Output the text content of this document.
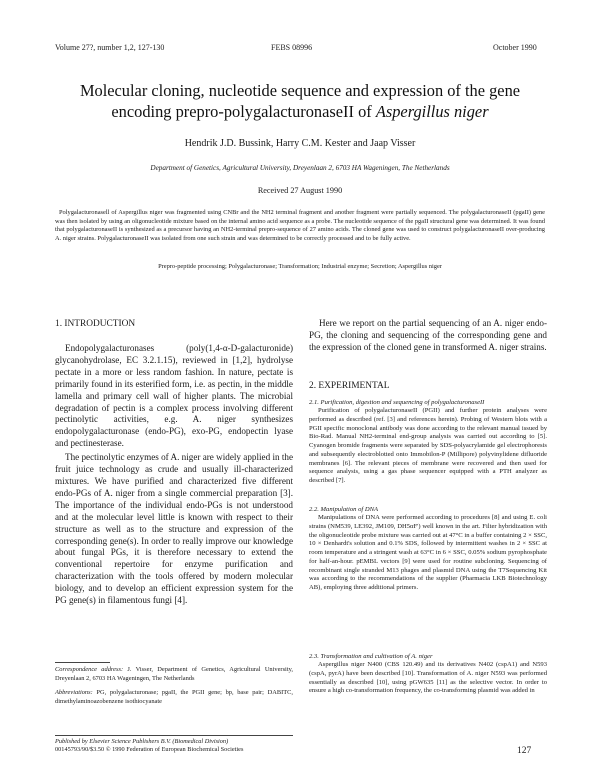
Volume 27?, number 1,2, 127-130	FEBS 08996	October 1990
Molecular cloning, nucleotide sequence and expression of the gene
encoding prepro-polygalacturonaseII of Aspergillus niger
Hendrik J.D. Bussink, Harry C.M. Kester and Jaap Visser
Department of Genetics, Agricultural University, Dreyenlaan 2, 6703 HA Wageningen, The Netherlands
Received 27 August 1990

Polygalacturonasell of Aspergillus niger was fragmented using CNBr and the NH2 terminal fragment and another fragment were partially sequenced. The polygalacturonaseII (pgaII) gene was then isolated by using an oligonucleotide mixture based on the internal amino acid sequence as a probe. The nucleotide sequence of the pgaII structural gene was determined. It was found that polygalacturonaseII is synthesized as a precursor having an NH2-terminal prepro-sequence of 27 amino acids. The cloned gene was used to construct polygalacturonaseII over-producing A. niger strains. PolygalacturonaseII was isolated from one such strain and was determined to be correctly processed and to be fully active.

Prepro-peptide processing; Polygalacturonase; Transformation; Industrial enzyme; Secretion; Aspergillus niger
1. INTRODUCTION

Endopolygalacturonases (poly(1,4-α-D-galacturonide) glycanohydrolase, EC 3.2.1.15), reviewed in [1,2], hydrolyse pectate in a more or less random fashion. In nature, pectate is primarily found in its esterified form, i.e. as pectin, in the middle lamella and primary cell wall of higher plants. The microbial degradation of pectin is a complex process involving different pectinolytic activities, e.g. A. niger synthesizes endopolygalacturonase (endo-PG), exo-PG, endopectin lyase and pectinesterase.

The pectinolytic enzymes of A. niger are widely applied in the fruit juice technology as crude and usually ill-characterized mixtures. We have purified and characterized five different endo-PGs of A. niger from a single commercial preparation [3]. The importance of the individual endo-PGs is not understood and at the molecular level little is known with respect to their structure as well as to the structure and expression of the corresponding gene(s). In order to really improve our knowledge about fungal PGs, it is therefore necessary to extend the conventional repertoire for enzyme purification and characterization with the tools offered by modern molecular biology, and to develop an efficient expression system for the PG gene(s) in filamentous fungi [4].

Correspondence address: J. Visser, Department of Genetics, Agricultural University, Dreyenlaan 2, 6703 HA Wageningen, The Netherlands

Abbreviations: PG, polygalacturonase; pgaII, the PGII gene; bp, base pair; DABITC, dimethylaminoazobenzene isothiocyanate

Here we report on the partial sequencing of an A. niger endo-PG, the cloning and sequencing of the corresponding gene and the expression of the cloned gene in transformed A. niger strains.

2. EXPERIMENTAL

2.1. Purification, digestion and sequencing of polygalacturonaseII

Purification of polygalacturonaseII (PGII) and further protein analyses were performed as described (ref. [3] and references herein). Probing of Western blots with a PGII specific monoclonal antibody was done according to the relevant manual issued by Bio-Rad. Manual NH2-terminal end-group analysis was carried out according to [5]. Cyanogen bromide fragments were separated by SDS-polyacrylamide gel electrophoresis and subsequently electroblotted onto Immobilon-P (Millipore) polyvinylidene difluoride membranes [6]. The relevant pieces of membrane were recovered and then used for sequence analysis, using a gas phase sequencer equipped with a PTH analyzer as described [7].

2.2. Manipulation of DNA

Manipulations of DNA were performed according to procedures [8] and using E. coli strains (NM539, LE392, JM109, DH5αF') well known in the art. Filter hybridization with the oligonucleotide probe mixture was carried out at 47°C in a buffer containing 2 × SSC, 10 × Denhardt's solution and 0.1% SDS, followed by intermittent washes in 2 × SSC at room temperature and a stringent wash at 63°C in 6 × SSC, 0.05% sodium pyrophosphate for half-an-hour. pEMBL vectors [9] were used for routine subcloning. Sequencing of recombinant single stranded M13 phages and plasmid DNA using the T7Sequencing Kit was according to the recommendations of the supplier (Pharmacia LKB Biotechnology AB), employing three additional primers.

2.3. Transformation and cultivation of A. niger

Aspergillus niger N400 (CBS 120.49) and its derivatives N402 (cspA1) and N593 (cspA, pyrA) have been described [10]. Transformation of A. niger N593 was performed essentially as described [10], using pGW635 [11] as the selective vector. In order to ensure a high co-transformation frequency, the co-transforming plasmid was added in

Published by Elsevier Science Publishers B.V. (Biomedical Division)
00145793/90/$3.50 © 1990 Federation of European Biochemical Societies	127
